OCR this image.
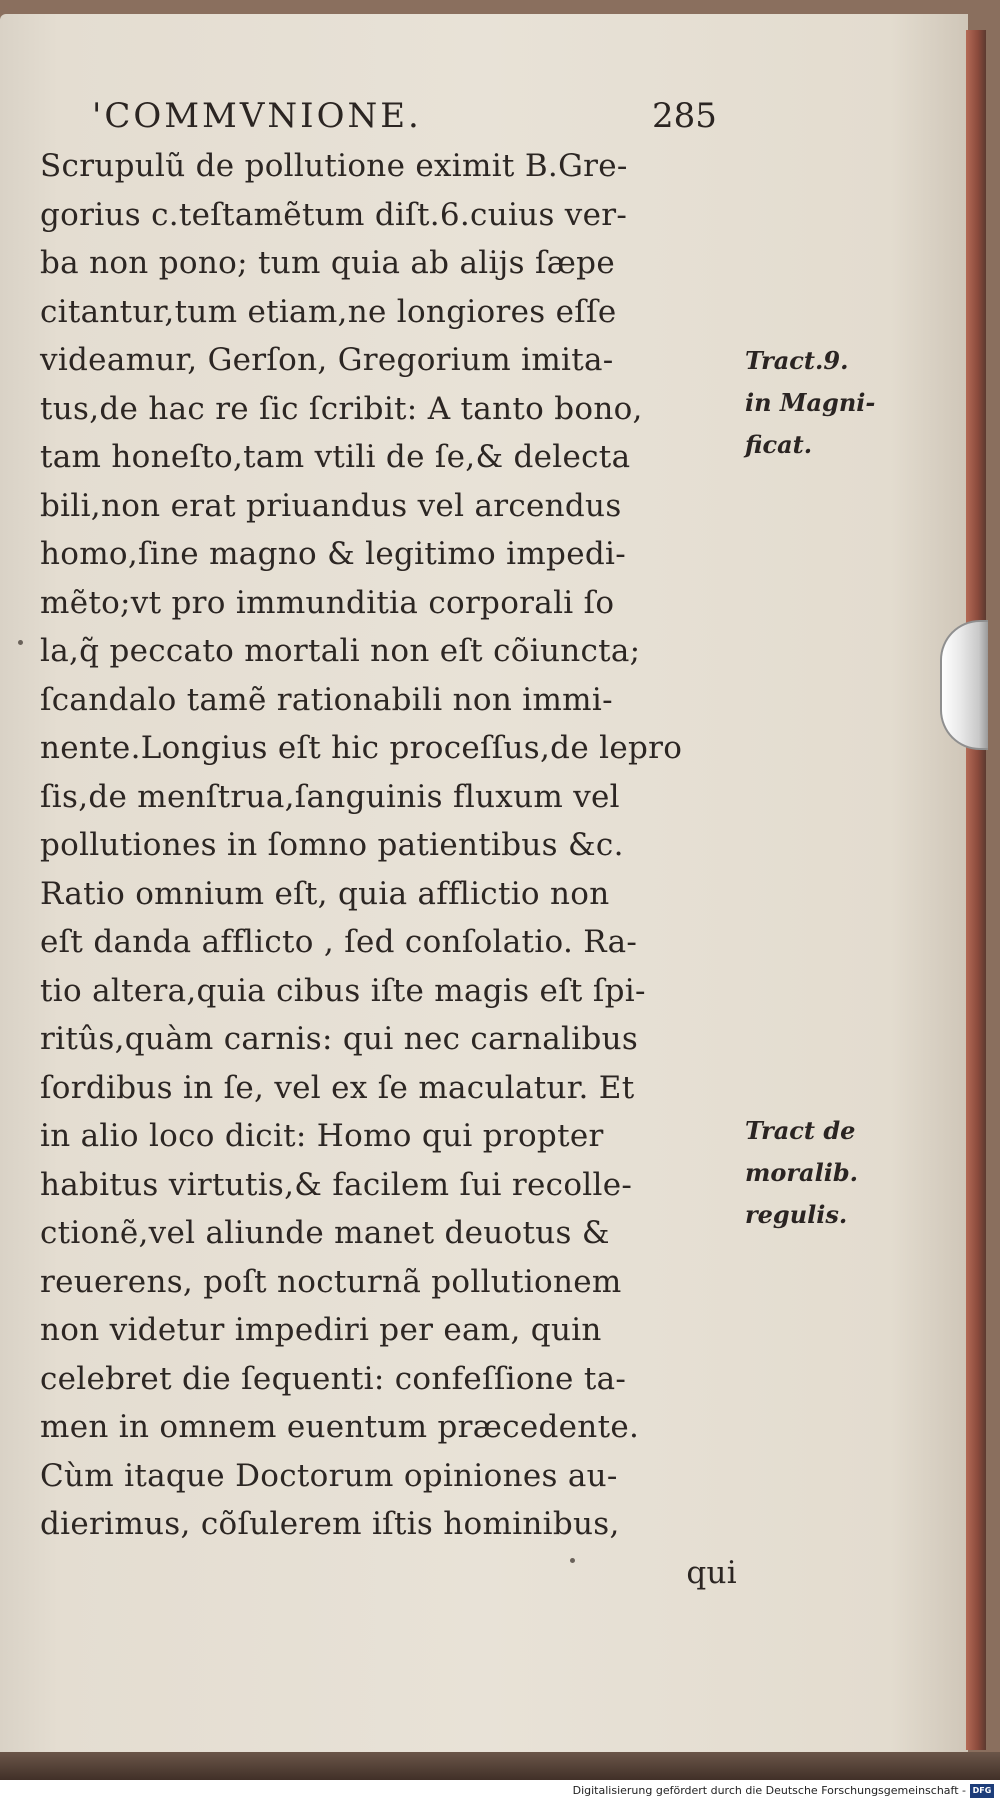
'COMMVNIONE.	285
Scrupulũ de pollutione eximit B.Gre-
gorius c.teſtamẽtum diſt.6.cuius ver-
ba non pono; tum quia ab alijs ſæpe
citantur,tum etiam,ne longiores eſſe
videamur, Gerſon, Gregorium imita-
tus,de hac re ſic ſcribit: A tanto bono,
tam honeſto,tam vtili de ſe,& delecta
bili,non erat priuandus vel arcendus
homo,ſine magno & legitimo impedi-
mẽto;vt pro immunditia corporali ſo
la,q̃ peccato mortali non eſt cõiuncta;
ſcandalo tamẽ rationabili non immi-
nente.Longius eſt hic proceſſus,de lepro
ſis,de menſtrua,ſanguinis fluxum vel
pollutiones in ſomno patientibus &c.
Ratio omnium eſt, quia afflictio non
eſt danda afflicto , ſed conſolatio. Ra-
tio altera,quia cibus iſte magis eſt ſpi-
ritûs,quàm carnis: qui nec carnalibus
ſordibus in ſe, vel ex ſe maculatur. Et
in alio loco dicit: Homo qui propter
habitus virtutis,& facilem ſui recolle-
ctionẽ,vel aliunde manet deuotus &
reuerens, poſt nocturnã pollutionem
non videtur impediri per eam, quin
celebret die ſequenti: confeſſione ta-
men in omnem euentum præcedente.
Cùm itaque Doctorum opiniones au-
dierimus, cõſulerem iſtis hominibus,
qui
Tract.9.
in Magni-
ficat.
Tract de
moralib.
regulis.
Digitalisierung gefördert durch die Deutsche Forschungsgemeinschaft - DFG
